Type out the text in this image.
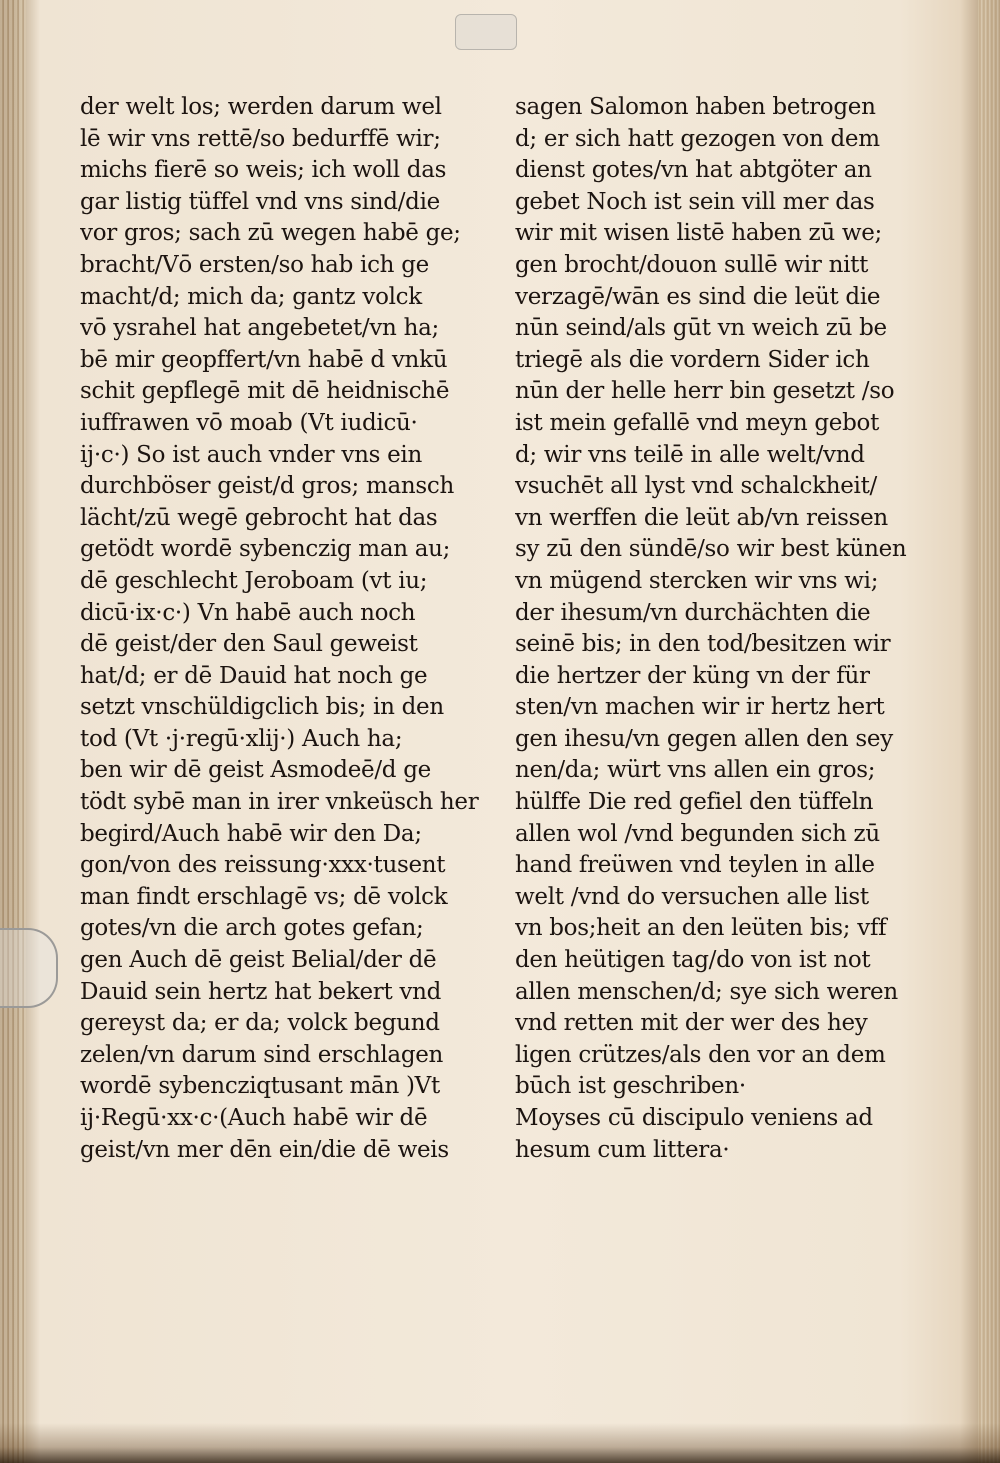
der welt los; werden darum wel
lē wir vns rettē/so bedurffē wir;
michs fierē so weis; ich woll das
gar listig tüffel vnd vns sind/die
vor gros; sach zū wegen habē ge;
bracht/Vō ersten/so hab ich ge
macht/d; mich da; gantz volck
vō ysrahel hat angebetet/vn ha;
bē mir geopffert/vn habē d vnkū
schit gepflegē mit dē heidnischē
iuffrawen vō moab (Vt iudicū·
ij·c·) So ist auch vnder vns ein
durchböser geist/d gros; mansch
lächt/zū wegē gebrocht hat das
getödt wordē sybenczig man au;
dē geschlecht Jeroboam (vt iu;
dicū·ix·c·) Vn habē auch noch
dē geist/der den Saul geweist
hat/d; er dē Dauid hat noch ge
setzt vnschüldigclich bis; in den
tod (Vt ·j·regū·xlij·) Auch ha;
ben wir dē geist Asmodeē/d ge
tödt sybē man in irer vnkeüsch her
begird/Auch habē wir den Da;
gon/von des reissung·xxx·tusent
man findt erschlagē vs; dē volck
gotes/vn die arch gotes gefan;
gen Auch dē geist Belial/der dē
Dauid sein hertz hat bekert vnd
gereyst da; er da; volck begund
zelen/vn darum sind erschlagen
wordē sybencziqtusant mān )Vt
ij·Regū·xx·c·(Auch habē wir dē
geist/vn mer dēn ein/die dē weis
sagen Salomon haben betrogen
d; er sich hatt gezogen von dem
dienst gotes/vn hat abtgöter an
gebet Noch ist sein vill mer das
wir mit wisen listē haben zū we;
gen brocht/douon sullē wir nitt
verzagē/wān es sind die leüt die
nūn seind/als gūt vn weich zū be
triegē als die vordern Sider ich
nūn der helle herr bin gesetzt /so
ist mein gefallē vnd meyn gebot
d; wir vns teilē in alle welt/vnd
vsuchēt all lyst vnd schalckheit/
vn werffen die leüt ab/vn reissen
sy zū den sündē/so wir best künen
vn mügend stercken wir vns wi;
der ihesum/vn durchächten die
seinē bis; in den tod/besitzen wir
die hertzer der küng vn der für
sten/vn machen wir ir hertz hert
gen ihesu/vn gegen allen den sey
nen/da; würt vns allen ein gros;
hülffe Die red gefiel den tüffeln
allen wol /vnd begunden sich zū
hand freüwen vnd teylen in alle
welt /vnd do versuchen alle list
vn bos;heit an den leüten bis; vff
den heütigen tag/do von ist not
allen menschen/d; sye sich weren
vnd retten mit der wer des hey
ligen crützes/als den vor an dem
būch ist geschriben·
Moyses cū discipulo veniens ad
hesum cum littera·
